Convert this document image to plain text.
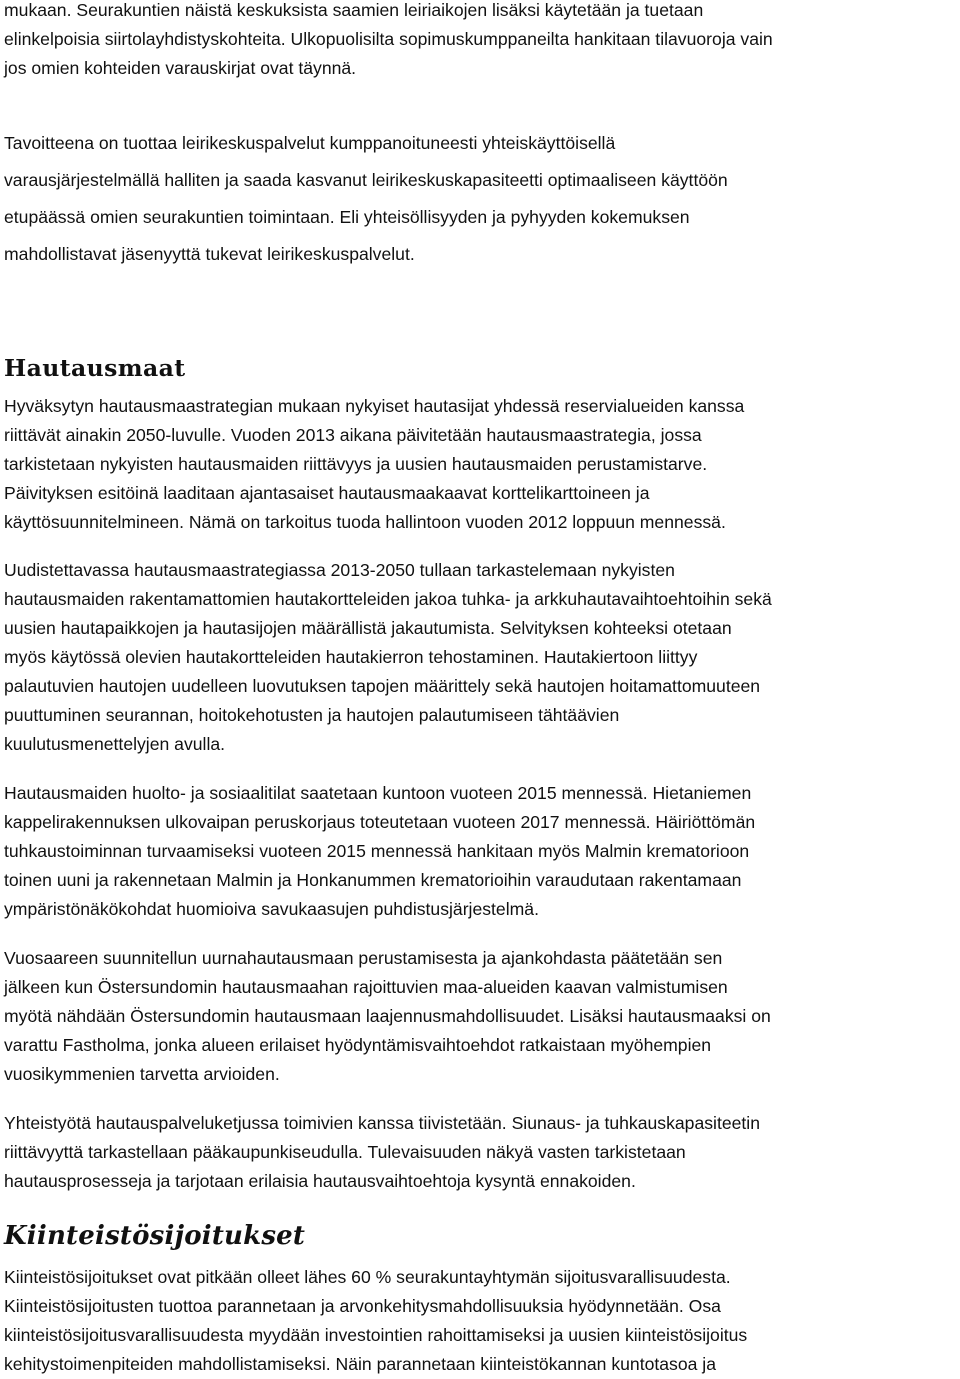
mukaan. Seurakuntien näistä keskuksista saamien leiriaikojen lisäksi käytetään ja tuetaan
elinkelpoisia siirtolayhdistyskohteita. Ulkopuolisilta sopimuskumppaneilta hankitaan tilavuoroja vain
jos omien kohteiden varauskirjat ovat täynnä.
Tavoitteena on tuottaa leirikeskuspalvelut kumppanoituneesti yhteiskäyttöisellä
varausjärjestelmällä halliten ja saada kasvanut leirikeskuskapasiteetti optimaaliseen käyttöön
etupäässä omien seurakuntien toimintaan. Eli yhteisöllisyyden ja pyhyyden kokemuksen
mahdollistavat jäsenyyttä tukevat leirikeskuspalvelut.
Hautausmaat
Hyväksytyn hautausmaastrategian mukaan nykyiset hautasijat yhdessä reservialueiden kanssa
riittävät ainakin 2050-luvulle. Vuoden 2013 aikana päivitetään hautausmaastrategia, jossa
tarkistetaan nykyisten hautausmaiden riittävyys ja uusien hautausmaiden perustamistarve.
Päivityksen esitöinä laaditaan ajantasaiset hautausmaakaavat korttelikarttoineen ja
käyttösuunnitelmineen. Nämä on tarkoitus tuoda hallintoon vuoden 2012 loppuun mennessä.
Uudistettavassa hautausmaastrategiassa 2013-2050 tullaan tarkastelemaan nykyisten
hautausmaiden rakentamattomien hautakortteleiden jakoa tuhka- ja arkkuhautavaihtoehtoihin sekä
uusien hautapaikkojen ja hautasijojen määrällistä jakautumista. Selvityksen kohteeksi otetaan
myös käytössä olevien hautakortteleiden hautakierron tehostaminen. Hautakiertoon liittyy
palautuvien hautojen uudelleen luovutuksen tapojen määrittely sekä hautojen hoitamattomuuteen
puuttuminen seurannan, hoitokehotusten ja hautojen palautumiseen tähtäävien
kuulutusmenettelyjen avulla.
Hautausmaiden huolto- ja sosiaalitilat saatetaan kuntoon vuoteen 2015 mennessä. Hietaniemen
kappelirakennuksen ulkovaipan peruskorjaus toteutetaan vuoteen 2017 mennessä. Häiriöttömän
tuhkaustoiminnan turvaamiseksi vuoteen 2015 mennessä hankitaan myös Malmin krematorioon
toinen uuni ja rakennetaan Malmin ja Honkanummen krematorioihin varaudutaan rakentamaan
ympäristönäkökohdat huomioiva savukaasujen puhdistusjärjestelmä.
Vuosaareen suunnitellun uurnahautausmaan perustamisesta ja ajankohdasta päätetään sen
jälkeen kun Östersundomin hautausmaahan rajoittuvien maa-alueiden kaavan valmistumisen
myötä nähdään Östersundomin hautausmaan laajennusmahdollisuudet. Lisäksi hautausmaaksi on
varattu Fastholma, jonka alueen erilaiset hyödyntämisvaihtoehdot ratkaistaan myöhempien
vuosikymmenien tarvetta arvioiden.
Yhteistyötä hautauspalveluketjussa toimivien kanssa tiivistetään. Siunaus- ja tuhkauskapasiteetin
riittävyyttä tarkastellaan pääkaupunkiseudulla. Tulevaisuuden näkyä vasten tarkistetaan
hautausprosesseja ja tarjotaan erilaisia hautausvaihtoehtoja kysyntä ennakoiden.
Kiinteistösijoitukset
Kiinteistösijoitukset ovat pitkään olleet lähes 60 % seurakuntayhtymän sijoitusvarallisuudesta.
Kiinteistösijoitusten tuottoa parannetaan ja arvonkehitysmahdollisuuksia hyödynnetään. Osa
kiinteistösijoitusvarallisuudesta myydään investointien rahoittamiseksi ja uusien kiinteistösijoitus
kehitystoimenpiteiden mahdollistamiseksi. Näin parannetaan kiinteistökannan kuntotasoa ja
